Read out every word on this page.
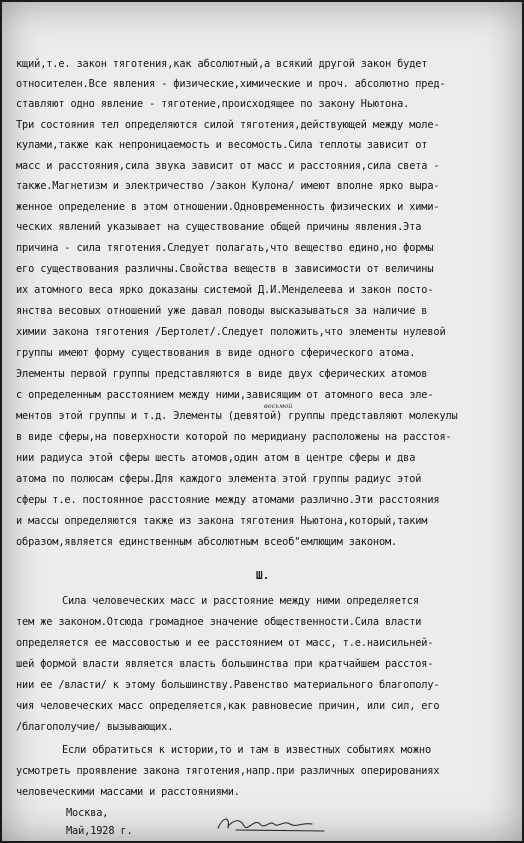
кщий,т.е. закон тяготения,как абсолютный,а всякий другой закон будет
относителен.Все явления - физические,химические и проч. абсолютно пред-
ставляют одно явление - тяготение,происходящее по закону Ньютона.
Три состояния тел определяются силой тяготения,действующей между моле-
кулами,также как непроницаемость и весомость.Сила теплоты зависит от
масс и расстояния,сила звука зависит от масс и расстояния,сила света -
также.Магнетизм и электричество /закон Кулона/ имеют вполне ярко выра-
женное определение в этом отношении.Одновременность физических и хими-
ческих явлений указывает на существование общей причины явления.Эта
причина - сила тяготения.Следует полагать,что вещество едино,но формы
его существования различны.Свойства веществ в зависимости от величины
их атомного веса ярко доказаны системой Д.И.Менделеева и закон посто-
янства весовых отношений уже давал поводы высказываться за наличие в
химии закона тяготения /Бертолет/.Следует положить,что элементы нулевой
группы имеют форму существования в виде одного сферического атома.
Элементы первой группы представляются в виде двух сферических атомов
с определенным расстоянием между ними,зависящим от атомного веса эле-
восьмой
ментов этой группы и т.д. Элементы (девятой) группы представляют молекулы
в виде сферы,на поверхности которой по меридиану расположены на расстоя-
нии радиуса этой сферы шесть атомов,один атом в центре сферы и два
атома по полюсам сферы.Для каждого элемента этой группы радиус этой
сферы т.е. постоянное расстояние между атомами различно.Эти расстояния
и массы определяются также из закона тяготения Ньютона,который,таким
образом,является единственным абсолютным всеоб"емлющим законом.
Ш.
Сила человеческих масс и расстояние между ними определяется
тем же законом.Отсюда громадное значение общественности.Сила власти
определяется ее массовостью и ее расстоянием от масс, т.е.наисильней-
шей формой власти является власть большинства при кратчайшем расстоя-
нии ее /власти/ к этому большинству.Равенство материального благополу-
чия человеческих масс определяется,как равновесие причин, или сил, его
/благополучие/ вызывающих.
Если обратиться к истории,то и там в известных событиях можно
усмотреть проявление закона тяготения,напр.при различных оперированиях
человеческими массами и расстояниями.
Москва,
Май,1928 г.
